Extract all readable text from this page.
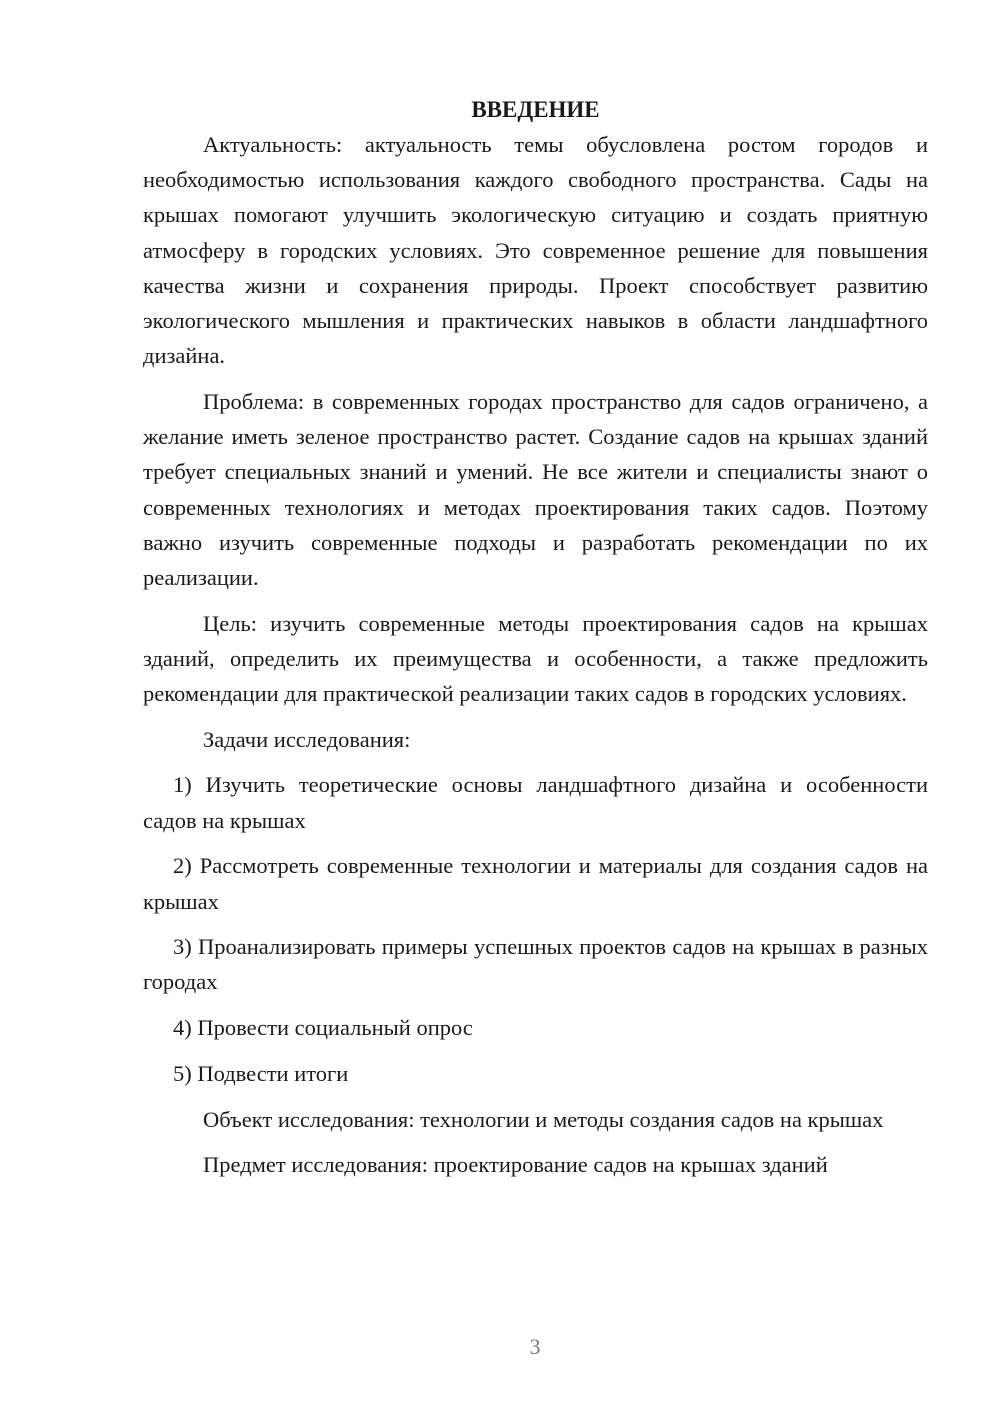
ВВЕДЕНИЕ

Актуальность: актуальность темы обусловлена ростом городов и необходимостью использования каждого свободного пространства. Сады на крышах помогают улучшить экологическую ситуацию и создать приятную атмосферу в городских условиях. Это современное решение для повышения качества жизни и сохранения природы. Проект способствует развитию экологического мышления и практических навыков в области ландшафтного дизайна.

Проблема: в современных городах пространство для садов ограничено, а желание иметь зеленое пространство растет. Создание садов на крышах зданий требует специальных знаний и умений. Не все жители и специалисты знают о современных технологиях и методах проектирования таких садов. Поэтому важно изучить современные подходы и разработать рекомендации по их реализации.

Цель: изучить современные методы проектирования садов на крышах зданий, определить их преимущества и особенности, а также предложить рекомендации для практической реализации таких садов в городских условиях.

Задачи исследования:

1) Изучить теоретические основы ландшафтного дизайна и особенности садов на крышах

2) Рассмотреть современные технологии и материалы для создания садов на крышах

3) Проанализировать примеры успешных проектов садов на крышах в разных городах

4) Провести социальный опрос

5) Подвести итоги

Объект исследования: технологии и методы создания садов на крышах

Предмет исследования: проектирование садов на крышах зданий

3
